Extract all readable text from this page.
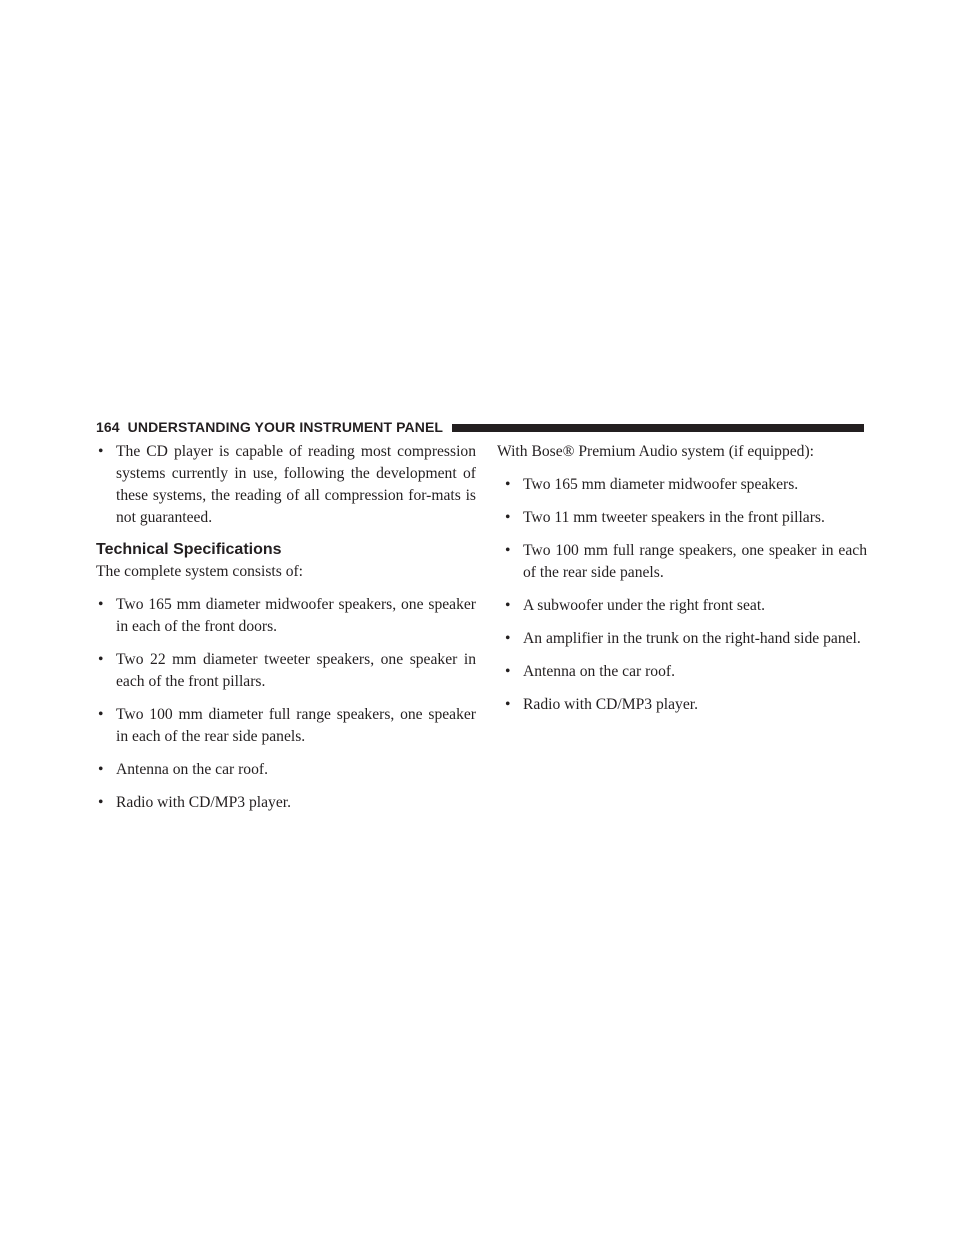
164 UNDERSTANDING YOUR INSTRUMENT PANEL

• The CD player is capable of reading most compression systems currently in use, following the development of these systems, the reading of all compression for-mats is not guaranteed.

Technical Specifications

The complete system consists of:

• Two 165 mm diameter midwoofer speakers, one speaker in each of the front doors.

• Two 22 mm diameter tweeter speakers, one speaker in each of the front pillars.

• Two 100 mm diameter full range speakers, one speaker in each of the rear side panels.

• Antenna on the car roof.

• Radio with CD/MP3 player.

With Bose® Premium Audio system (if equipped):

• Two 165 mm diameter midwoofer speakers.

• Two 11 mm tweeter speakers in the front pillars.

• Two 100 mm full range speakers, one speaker in each of the rear side panels.

• A subwoofer under the right front seat.

• An amplifier in the trunk on the right-hand side panel.

• Antenna on the car roof.

• Radio with CD/MP3 player.
